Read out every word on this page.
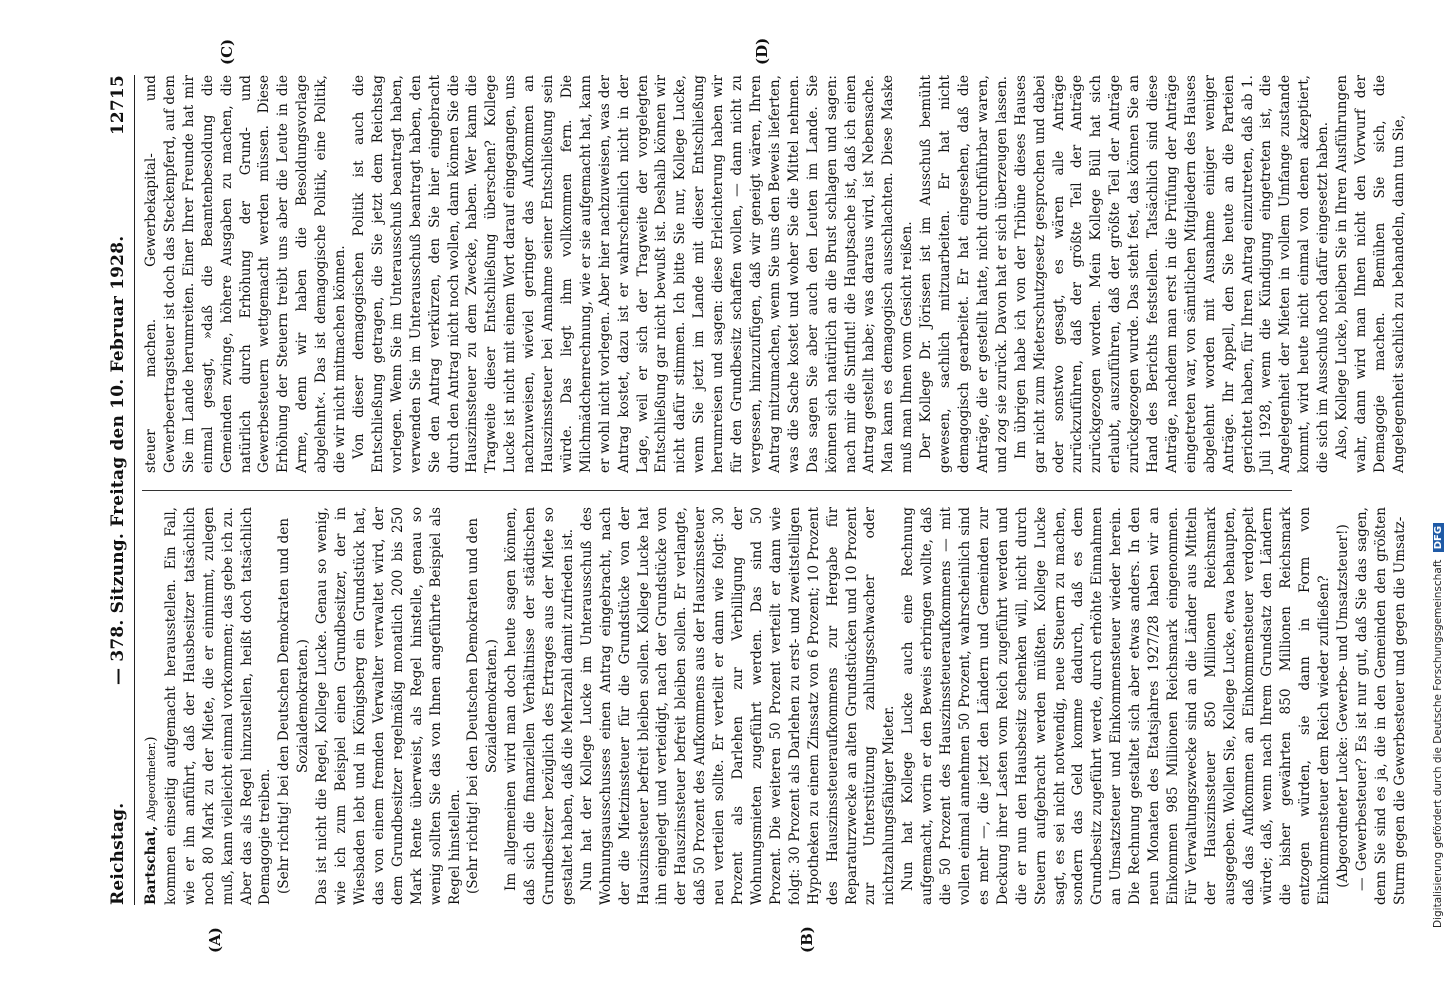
Reichstag.
— 378. Sitzung. Freitag den 10. Februar 1928.
12715

Bartschat, Abgeordneter.) kommen einseitig aufgemacht herausstellen. Ein Fall, wie er ihn anführt, daß der Hausbesitzer tatsächlich noch 80 Mark zu der Miete, die er einnimmt, zulegen muß, kann vielleicht einmal vorkommen; das gebe ich zu. Aber das als Regel hinzustellen, heißt doch tatsächlich Demagogie treiben. (Sehr richtig! bei den Deutschen Demokraten und den Sozialdemokraten.) Das ist nicht die Regel, Kollege Lucke. Genau so wenig, wie ich zum Beispiel einen Grundbesitzer, der in Wiesbaden lebt und in Königsberg ein Grundstück hat, das von einem fremden Verwalter verwaltet wird, der dem Grundbesitzer regelmäßig monatlich 200 bis 250 Mark Rente überweist, als Regel hinstelle, genau so wenig sollten Sie das von Ihnen angeführte Beispiel als Regel hinstellen. (Sehr richtig! bei den Deutschen Demokraten und den Sozialdemokraten.) Im allgemeinen wird man doch heute sagen können, daß sich die finanziellen Verhältnisse der städtischen Grundbesitzer bezüglich des Ertrages aus der Miete so gestaltet haben, daß die Mehrzahl damit zufrieden ist. Nun hat der Kollege Lucke im Unterausschuß des Wohnungsausschusses einen Antrag eingebracht, nach der die Mietzinssteuer für die Grundstücke von der Hauszinssteuer befreit bleiben sollen. Kollege Lucke hat ihn eingelegt und verteidigt, nach der Grundstücke von der Hauszinssteuer befreit bleiben sollen. Er verlangte, daß 50 Prozent des Aufkommens aus der Hauszinssteuer neu verteilen sollte. Er verteilt er dann wie folgt: 30 Prozent als Darlehen zur Verbilligung der Wohnungsmieten zugeführt werden. Das sind 50 Prozent. Die weiteren 50 Prozent verteilt er dann wie folgt: 30 Prozent als Darlehen zu erst- und zweitstelligen Hypotheken zu einem Zinssatz von 6 Prozent; 10 Prozent des Hauszinssteueraufkommens zur Hergabe für Reparaturzwecke an alten Grundstücken und 10 Prozent zur Unterstützung zahlungsschwacher oder nichtzahlungsfähiger Mieter. Nun hat Kollege Lucke auch eine Rechnung aufgemacht, worin er den Beweis erbringen wollte, daß die 50 Prozent des Hauszinssteueraufkommens — mit vollen einmal annehmen 50 Prozent, wahrscheinlich sind es mehr —, die jetzt den Ländern und Gemeinden zur Deckung ihrer Lasten vom Reich zugeführt werden und die er nun den Hausbesitz schenken will, nicht durch Steuern aufgebracht werden müßten. Kollege Lucke sagt, es sei nicht notwendig, neue Steuern zu machen, sondern das Geld komme dadurch, daß es dem Grundbesitz zugeführt werde, durch erhöhte Einnahmen an Umsatzsteuer und Einkommensteuer wieder herein. Die Rechnung gestaltet sich aber etwas anders. In den neun Monaten des Etatsjahres 1927/28 haben wir an Einkommen 985 Millionen Reichsmark eingenommen. Für Verwaltungszwecke sind an die Länder aus Mitteln der Hauszinssteuer 850 Millionen Reichsmark ausgegeben. Wollen Sie, Kollege Lucke, etwa behaupten, daß das Aufkommen an Einkommensteuer verdoppelt würde; daß, wenn nach Ihrem Grundsatz den Ländern die bisher gewährten 850 Millionen Reichsmark entzogen würden, sie dann in Form von Einkommensteuer dem Reich wieder zufließen? (Abgeordneter Lucke: Gewerbe- und Umsatzsteuer!) — Gewerbesteuer? Es ist nur gut, daß Sie das sagen, denn Sie sind es ja, die in den Gemeinden den größten Sturm gegen die Gewerbesteuer und gegen die Umsatz-

steuer machen. Gewerbekapital- und Gewerbeertragsteuer ist doch das Steckenpferd, auf dem Sie im Lande herumreiten. Einer Ihrer Freunde hat mir einmal gesagt, »daß die Beamtenbesoldung die Gemeinden zwinge, höhere Ausgaben zu machen, die natürlich durch Erhöhung der Grund- und Gewerbesteuern wettgemacht werden müssen. Diese Erhöhung der Steuern treibt uns aber die Leute in die Arme, denn wir haben die Besoldungsvorlage abgelehnt«. Das ist demagogische Politik, eine Politik, die wir nicht mitmachen können. Von dieser demagogischen Politik ist auch die Entschließung getragen, die Sie jetzt dem Reichstag vorlegen. Wenn Sie im Unterausschuß beantragt haben, verwenden Sie im Unterausschuß beantragt haben, den Sie den Antrag verkürzen, den Sie hier eingebracht durch den Antrag nicht noch wollen, dann können Sie die Hauszinssteuer zu dem Zwecke, haben. Wer kann die Tragweite dieser Entschließung überschen? Kollege Lucke ist nicht mit einem Wort darauf eingegangen, uns nachzuweisen, wieviel geringer das Aufkommen an Hauszinssteuer bei Annahme seiner Entschließung sein würde. Das liegt ihm vollkommen fern. Die Milchmädchenrechnung, wie er sie aufgemacht hat, kann er wohl nicht vorlegen. Aber hier nachzuweisen, was der Antrag kostet, dazu ist er wahrscheinlich nicht in der Lage, weil er sich der Tragweite der vorgelegten Entschließung gar nicht bewußt ist. Deshalb können wir nicht dafür stimmen. Ich bitte Sie nur, Kollege Lucke, wenn Sie jetzt im Lande mit dieser Entschließung herumreisen und sagen: diese Erleichterung haben wir für den Grundbesitz schaffen wollen, — dann nicht zu vergessen, hinzuzufügen, daß wir geneigt wären, Ihren Antrag mitzumachen, wenn Sie uns den Beweis lieferten, was die Sache kostet und woher Sie die Mittel nehmen. Das sagen Sie aber auch den Leuten im Lande. Sie können sich natürlich an die Brust schlagen und sagen: nach mir die Sintflut! die Hauptsache ist, daß ich einen Antrag gestellt habe; was daraus wird, ist Nebensache. Man kann es demagogisch ausschlachten. Diese Maske muß man Ihnen vom Gesicht reißen. Der Kollege Dr. Jörissen ist im Ausschuß bemüht gewesen, sachlich mitzuarbeiten. Er hat nicht demagogisch gearbeitet. Er hat eingesehen, daß die Anträge, die er gestellt hatte, nicht durchführbar waren, und zog sie zurück. Davon hat er sich überzeugen lassen. Im übrigen habe ich von der Tribüne dieses Hauses gar nicht zum Mieterschutzgesetz gesprochen und dabei oder sonstwo gesagt, es wären alle Anträge zurückzuführen, daß der größte Teil der Anträge zurückgezogen worden. Mein Kollege Büll hat sich erlaubt, auszuführen, daß der größte Teil der Anträge zurückgezogen wurde. Das steht fest, das können Sie an Hand des Berichts feststellen. Tatsächlich sind diese Anträge, nachdem man erst in die Prüfung der Anträge eingetreten war, von sämtlichen Mitgliedern des Hauses abgelehnt worden mit Ausnahme einiger weniger Anträge. Ihr Appell, den Sie heute an die Parteien gerichtet haben, für Ihren Antrag einzutreten, daß ab 1. Juli 1928, wenn die Kündigung eingetreten ist, die Angelegenheit der Mieten in vollem Umfange zustande kommt, wird heute nicht einmal von denen akzeptiert, die sich im Ausschuß noch dafür eingesetzt haben. Also, Kollege Lucke, bleiben Sie in Ihren Ausführungen wahr, dann wird man Ihnen nicht den Vorwurf der Demagogie machen. Bemühen Sie sich, die Angelegenheit sachlich zu behandeln, dann tun Sie,

(A)	(B)
(C)	(D)
Digitalisierung gefördert durch die Deutsche Forschungsgemeinschaft DFG
